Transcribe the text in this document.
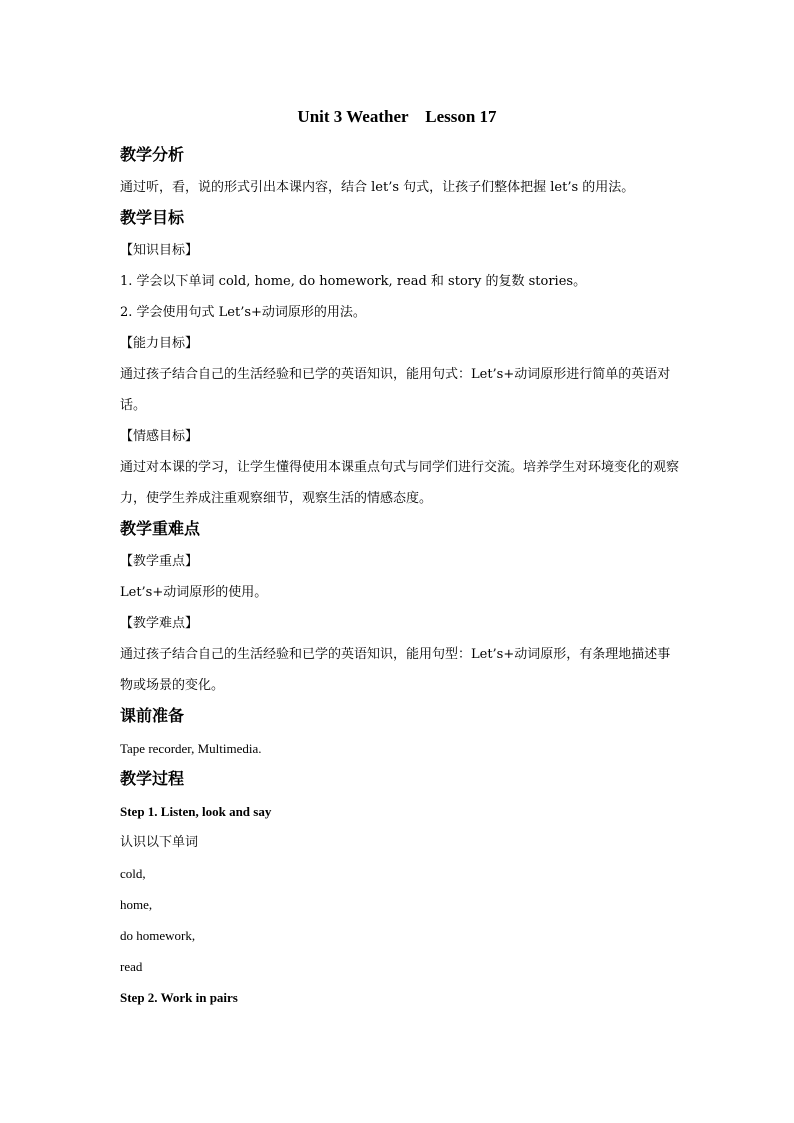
Unit 3 Weather    Lesson 17
教学分析

通过听，看，说的形式引出本课内容，结合 let’s 句式，让孩子们整体把握 let’s 的用法。

教学目标

【知识目标】

1. 学会以下单词 cold, home, do homework, read 和 story 的复数 stories。

2. 学会使用句式 Let’s+动词原形的用法。

【能力目标】

通过孩子结合自己的生活经验和已学的英语知识，能用句式：Let’s+动词原形进行简单的英语对话。

【情感目标】

通过对本课的学习，让学生懂得使用本课重点句式与同学们进行交流。培养学生对环境变化的观察力，使学生养成注重观察细节，观察生活的情感态度。

教学重难点

【教学重点】

Let’s+动词原形的使用。

【教学难点】

通过孩子结合自己的生活经验和已学的英语知识，能用句型：Let’s+动词原形，有条理地描述事物或场景的变化。

课前准备

Tape recorder, Multimedia.

教学过程

Step 1. Listen, look and say

认识以下单词

cold,

home,

do homework,

read

Step 2. Work in pairs
